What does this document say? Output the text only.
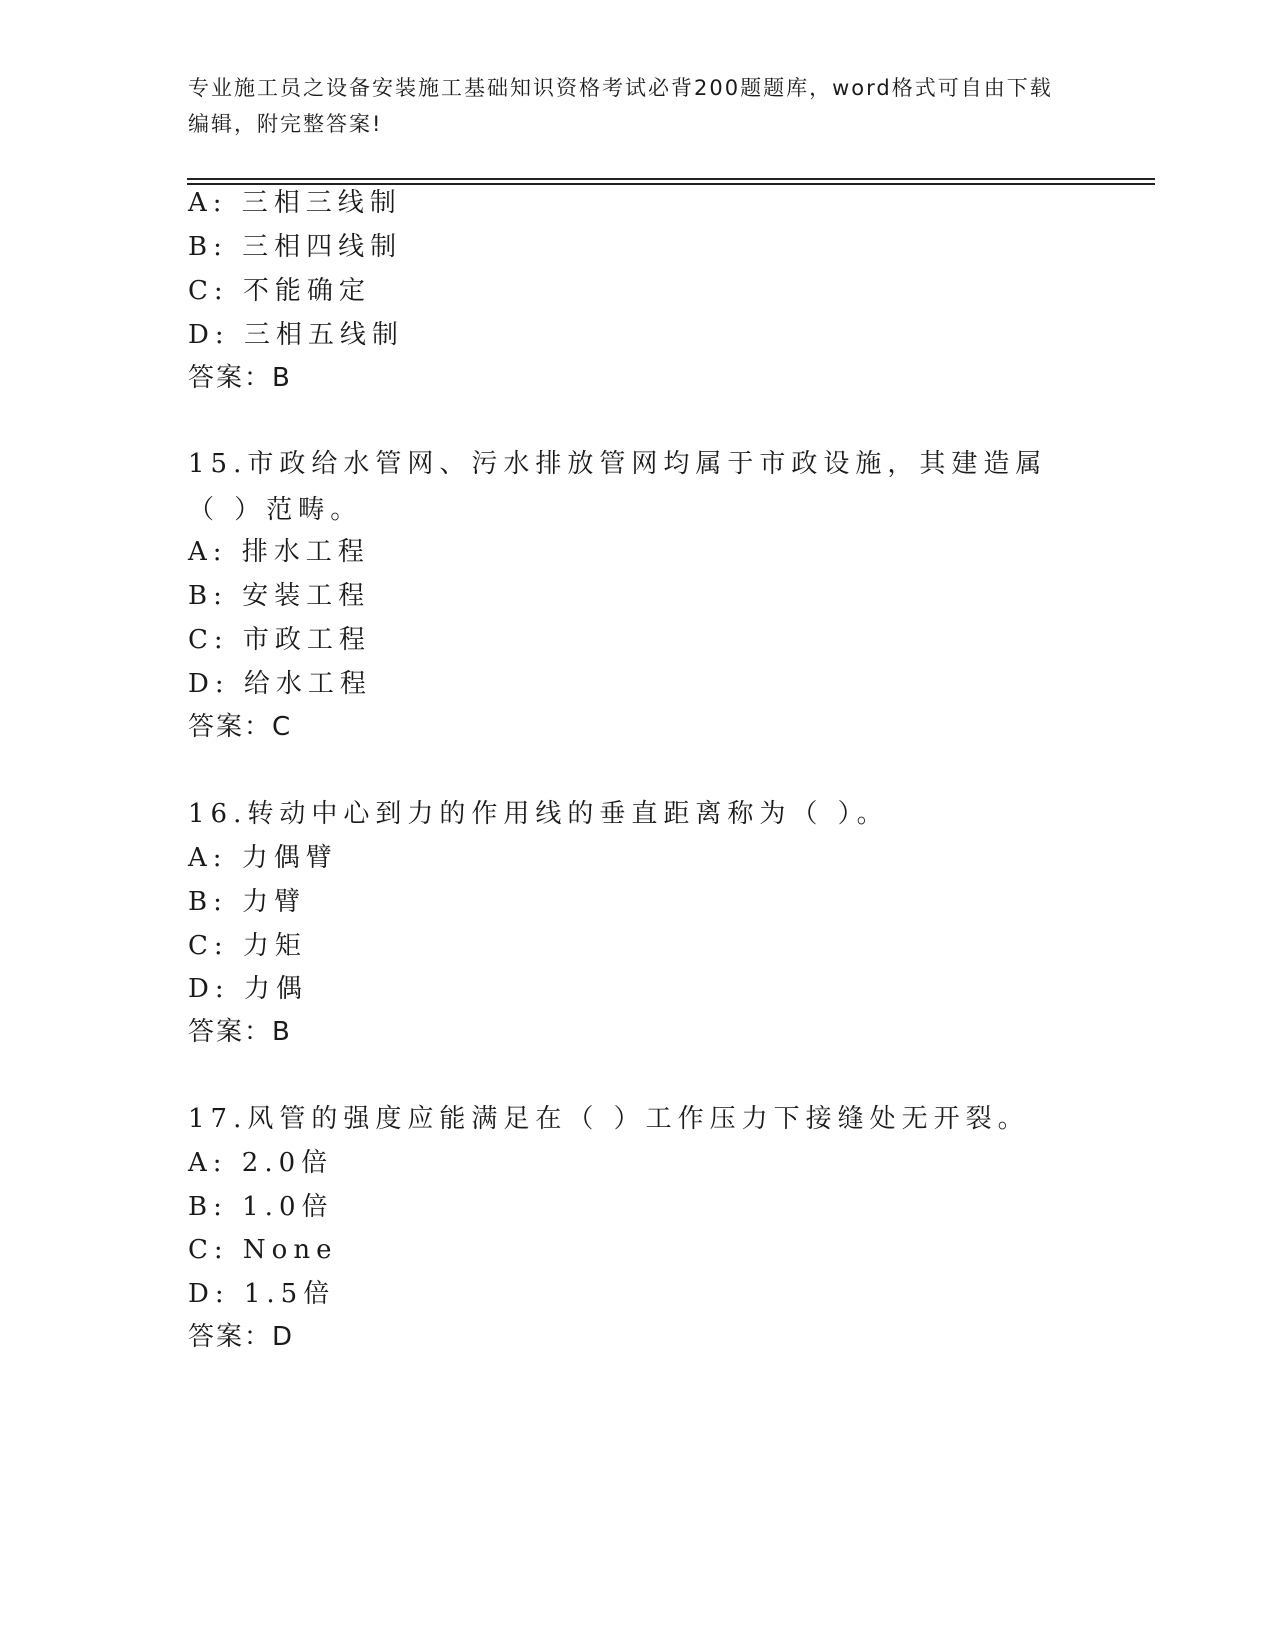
专业施工员之设备安装施工基础知识资格考试必背200题题库，word格式可自由下载编辑，附完整答案!
A: 三相三线制
B: 三相四线制
C: 不能确定
D: 三相五线制
答案：B
15.市政给水管网、污水排放管网均属于市政设施，其建造属（ ）范畴。
A: 排水工程
B: 安装工程
C: 市政工程
D: 给水工程
答案：C
16.转动中心到力的作用线的垂直距离称为（ ）。
A: 力偶臂
B: 力臂
C: 力矩
D: 力偶
答案：B
17.风管的强度应能满足在（ ）工作压力下接缝处无开裂。
A: 2.0倍
B: 1.0倍
C: None
D: 1.5倍
答案：D
